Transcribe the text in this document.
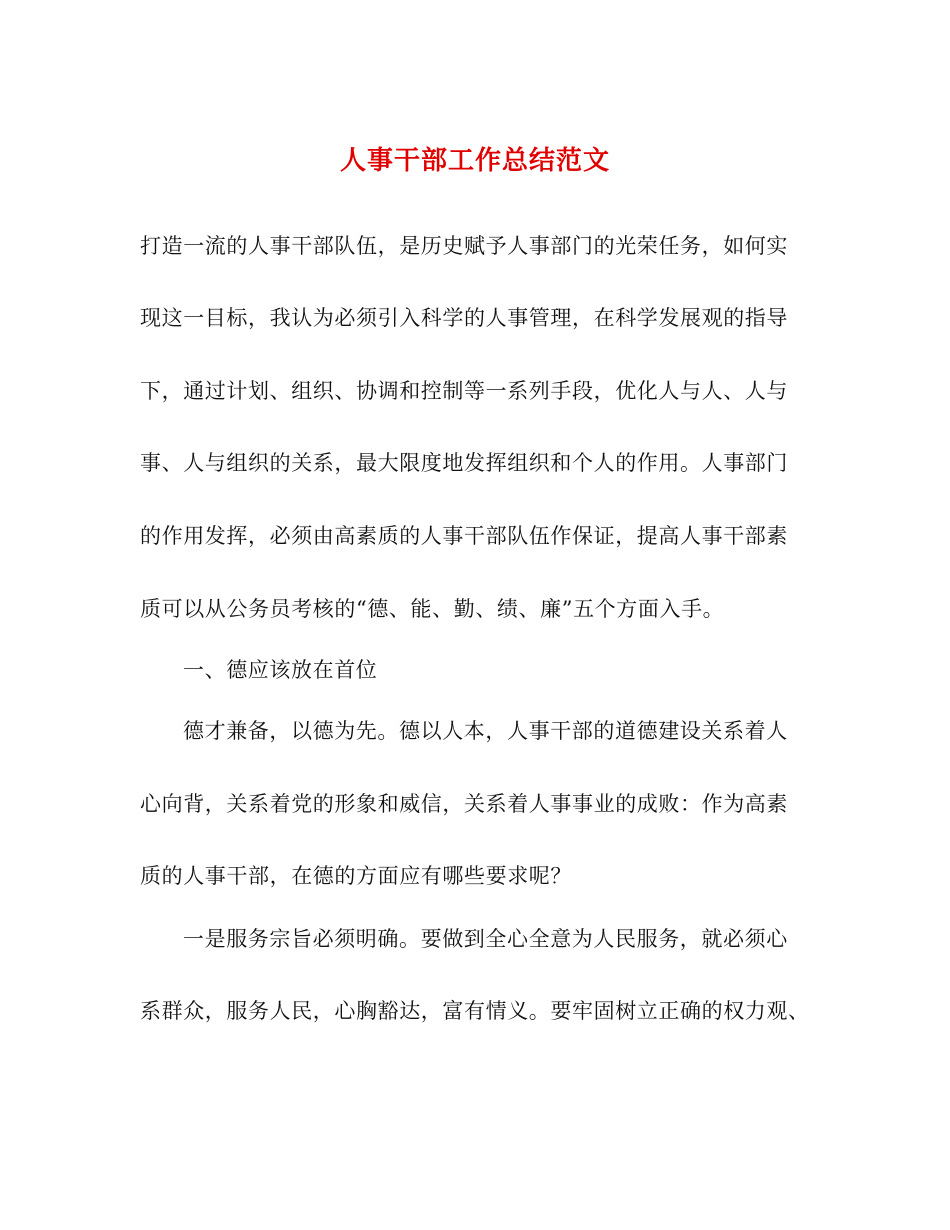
人事干部工作总结范文
打造一流的人事干部队伍，是历史赋予人事部门的光荣任务，如何实
现这一目标，我认为必须引入科学的人事管理，在科学发展观的指导
下，通过计划、组织、协调和控制等一系列手段，优化人与人、人与
事、人与组织的关系，最大限度地发挥组织和个人的作用。人事部门
的作用发挥，必须由高素质的人事干部队伍作保证，提高人事干部素
质可以从公务员考核的“德、能、勤、绩、廉”五个方面入手。
一、德应该放在首位
德才兼备，以德为先。德以人本，人事干部的道德建设关系着人
心向背，关系着党的形象和威信，关系着人事事业的成败：作为高素
质的人事干部，在德的方面应有哪些要求呢？
一是服务宗旨必须明确。要做到全心全意为人民服务，就必须心
系群众，服务人民，心胸豁达，富有情义。要牢固树立正确的权力观、
